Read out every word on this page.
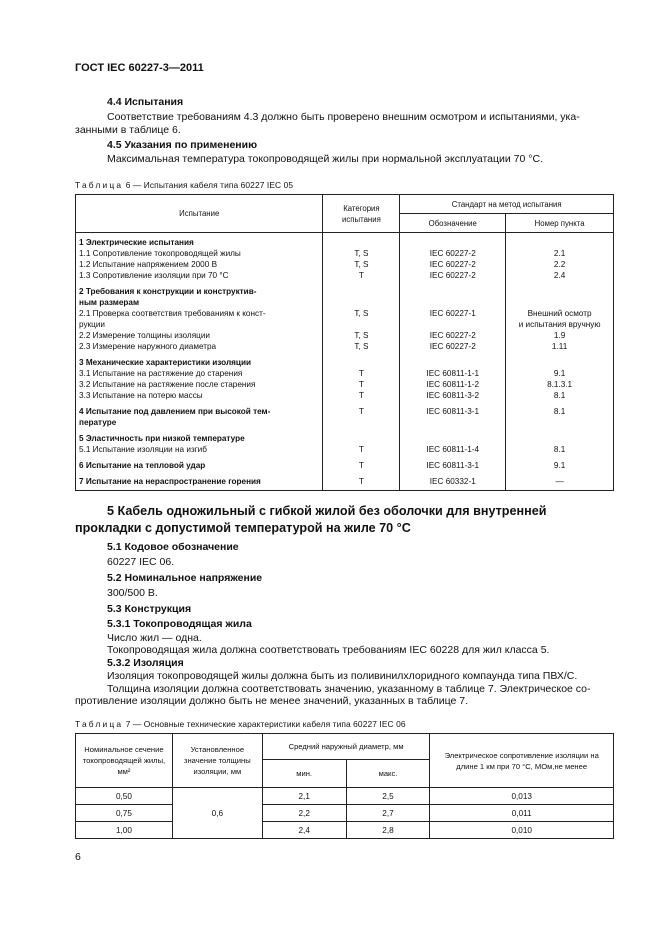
ГОСТ IEC 60227-3—2011
4.4 Испытания
Соответствие требованиям 4.3 должно быть проверено внешним осмотром и испытаниями, ука-
занными в таблице 6.
4.5 Указания по применению
Максимальная температура токопроводящей жилы при нормальной эксплуатации 70 °С.
Таблица 6 — Испытания кабеля типа 60227 IEC 05
Испытание	Категория испытания	Стандарт на метод испытания	
		Обозначение	Номер пункта
1 Электрические испытания			
1.1 Сопротивление токопроводящей жилы	Т, S	IEC 60227-2	2.1
1.2 Испытание напряжением 2000 В	Т, S	IEC 60227-2	2.2
1.3 Сопротивление изоляции при 70 °С	Т	IEC 60227-2	2.4
2 Требования к конструкции и конструктив-			
ным размерам			
2.1 Проверка соответствия требованиям к конст-	Т, S	IEC 60227-1	Внешний осмотр
рукции			и испытания вручную
2.2 Измерение толщины изоляции	Т, S	IEC 60227-2	1.9
2.3 Измерение наружного диаметра	Т, S	IEC 60227-2	1.11
3 Механические характеристики изоляции			
3.1 Испытание на растяжение до старения	Т	IEC 60811-1-1	9.1
3.2 Испытание на растяжение после старения	Т	IEC 60811-1-2	8.1.3.1
3.3 Испытание на потерю массы	Т	IEC 60811-3-2	8.1
4 Испытание под давлением при высокой тем-	Т	IEC 60811-3-1	8.1
пературе			
5 Эластичность при низкой температуре			
5.1 Испытание изоляции на изгиб	Т	IEC 60811-1-4	8.1
6 Испытание на тепловой удар	Т	IEC 60811-3-1	9.1
7 Испытание на нераспространение горения	Т	IEC 60332-1	—
5 Кабель одножильный с гибкой жилой без оболочки для внутренней
прокладки с допустимой температурой на жиле 70 °С
5.1 Кодовое обозначение
60227 IEC 06.
5.2 Номинальное напряжение
300/500 В.
5.3 Конструкция
5.3.1 Токопроводящая жила
Число жил — одна.
Токопроводящая жила должна соответствовать требованиям IEC 60228 для жил класса 5.
5.3.2 Изоляция
Изоляция токопроводящей жилы должна быть из поливинилхлоридного компаунда типа ПВХ/С.
Толщина изоляции должна соответствовать значению, указанному в таблице 7. Электрическое со-
противление изоляции должно быть не менее значений, указанных в таблице 7.
Таблица 7 — Основные технические характеристики кабеля типа 60227 IEC 06
Номинальное сечение токопроводящей жилы, мм²	Установленное значение толщины изоляции, мм	Средний наружный диаметр, мм		Электрическое сопротивление изоляции на длине 1 км при 70 °С, МОм,не менее
		мин.	макс.	
0,50	0,6	2,1	2,5	0,013
0,75		2,2	2,7	0,011
1,00		2,4	2,8	0,010
6
